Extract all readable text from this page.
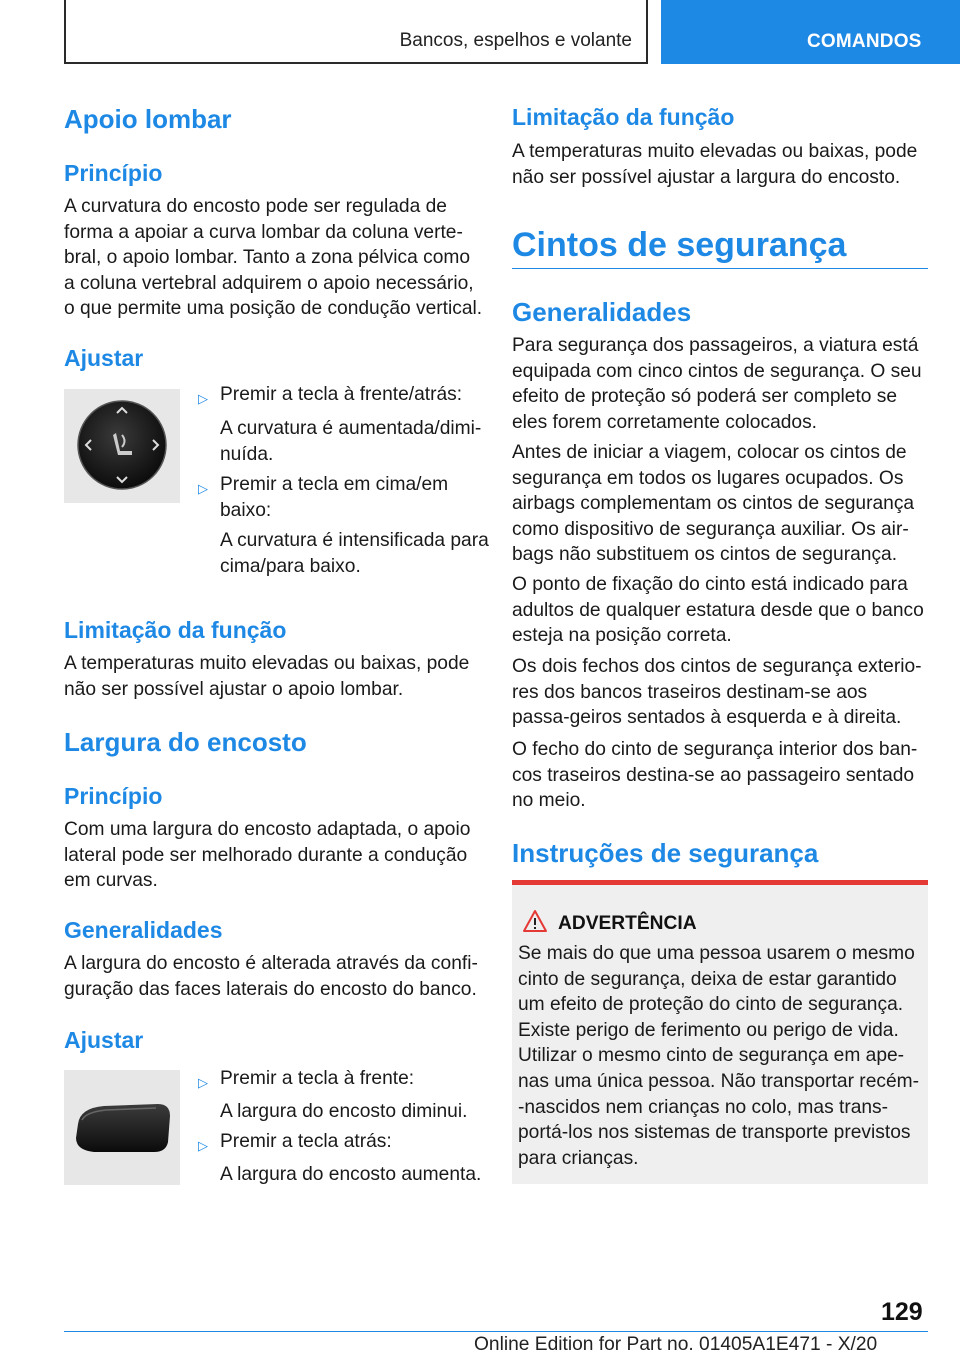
Bancos, espelhos e volante	COMANDOS
Apoio lombar
Princípio

A curvatura do encosto pode ser regulada de forma a apoiar a curva lombar da coluna verte-bral, o apoio lombar. Tanto a zona pélvica como a coluna vertebral adquirem o apoio necessário, o que permite uma posição de condução vertical.

Ajustar
▷ Premir a tecla à frente/atrás:
A curvatura é aumentada/dimi-nuída.
▷ Premir a tecla em cima/em baixo:
A curvatura é intensificada para cima/para baixo.
Limitação da função

A temperaturas muito elevadas ou baixas, pode não ser possível ajustar o apoio lombar.

Largura do encosto
Princípio

Com uma largura do encosto adaptada, o apoio lateral pode ser melhorado durante a condução em curvas.

Generalidades

A largura do encosto é alterada através da confi-guração das faces laterais do encosto do banco.

Ajustar
▷ Premir a tecla à frente:
A largura do encosto diminui.
▷ Premir a tecla atrás:
A largura do encosto aumenta.
Limitação da função

A temperaturas muito elevadas ou baixas, pode não ser possível ajustar a largura do encosto.

Cintos de segurança
Generalidades

Para segurança dos passageiros, a viatura está equipada com cinco cintos de segurança. O seu efeito de proteção só poderá ser completo se eles forem corretamente colocados.

Antes de iniciar a viagem, colocar os cintos de segurança em todos os lugares ocupados. Os airbags complementam os cintos de segurança como dispositivo de segurança auxiliar. Os air-bags não substituem os cintos de segurança.

O ponto de fixação do cinto está indicado para adultos de qualquer estatura desde que o banco esteja na posição correta.

Os dois fechos dos cintos de segurança exterio-res dos bancos traseiros destinam-se aos passa-geiros sentados à esquerda e à direita.

O fecho do cinto de segurança interior dos ban-cos traseiros destina-se ao passageiro sentado no meio.

Instruções de segurança
ADVERTÊNCIA

Se mais do que uma pessoa usarem o mesmo cinto de segurança, deixa de estar garantido um efeito de proteção do cinto de segurança. Existe perigo de ferimento ou perigo de vida. Utilizar o mesmo cinto de segurança em ape-nas uma única pessoa. Não transportar recém--nascidos nem crianças no colo, mas trans-portá-los nos sistemas de transporte previstos para crianças.

129
Online Edition for Part no. 01405A1E471 - X/20
